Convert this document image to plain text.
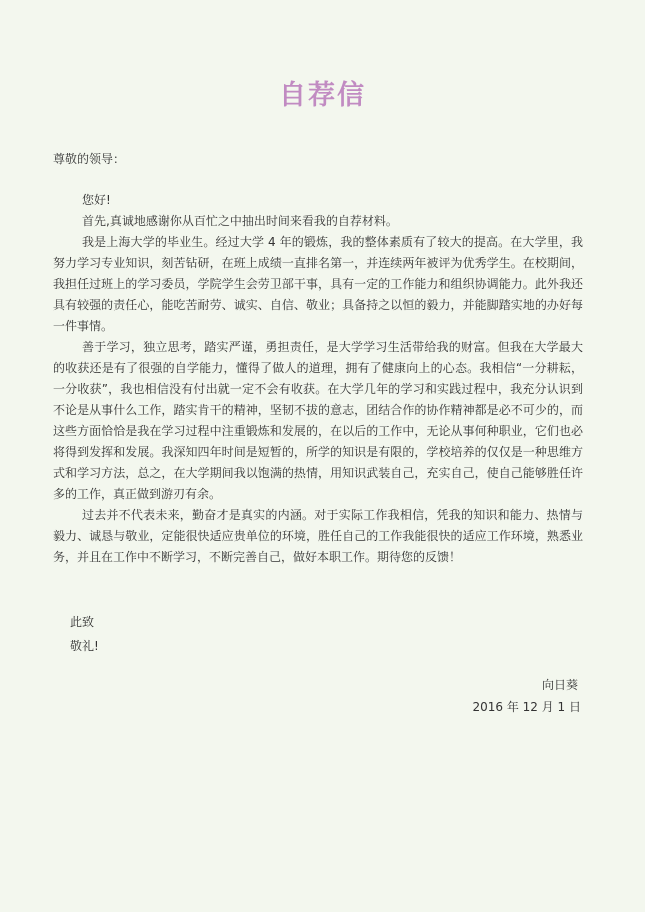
自荐信
尊敬的领导：

您好!

首先,真诚地感谢你从百忙之中抽出时间来看我的自荐材料。

我是上海大学的毕业生。经过大学 4 年的锻炼，我的整体素质有了较大的提高。在大学里，我努力学习专业知识，刻苦钻研，在班上成绩一直排名第一，并连续两年被评为优秀学生。在校期间，我担任过班上的学习委员，学院学生会劳卫部干事，具有一定的工作能力和组织协调能力。此外我还具有较强的责任心，能吃苦耐劳、诚实、自信、敬业；具备持之以恒的毅力，并能脚踏实地的办好每一件事情。

善于学习，独立思考，踏实严谨，勇担责任，是大学学习生活带给我的财富。但我在大学最大的收获还是有了很强的自学能力，懂得了做人的道理，拥有了健康向上的心态。我相信“一分耕耘，一分收获”，我也相信没有付出就一定不会有收获。在大学几年的学习和实践过程中，我充分认识到不论是从事什么工作，踏实肯干的精神，坚韧不拔的意志，团结合作的协作精神都是必不可少的，而这些方面恰恰是我在学习过程中注重锻炼和发展的，在以后的工作中，无论从事何种职业，它们也必将得到发挥和发展。我深知四年时间是短暂的，所学的知识是有限的，学校培养的仅仅是一种思维方式和学习方法，总之，在大学期间我以饱满的热情，用知识武装自己，充实自己，使自己能够胜任许多的工作，真正做到游刃有余。

过去并不代表未来，勤奋才是真实的内涵。对于实际工作我相信，凭我的知识和能力、热情与毅力、诚恳与敬业，定能很快适应贵单位的环境，胜任自己的工作我能很快的适应工作环境，熟悉业务，并且在工作中不断学习，不断完善自己，做好本职工作。期待您的反馈！

此致
敬礼!
向日葵
2016 年 12 月 1 日
